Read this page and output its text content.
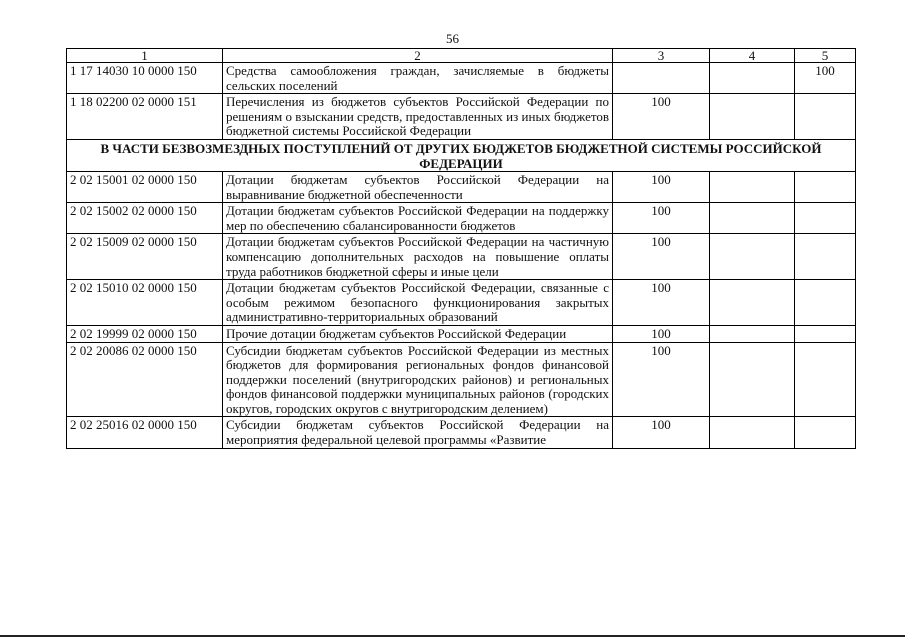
56
1	2	3	4	5
1 17 14030 10 0000 150	Средства самообложения граждан, зачисляемые в бюджеты сельских поселений			100
1 18 02200 02 0000 151	Перечисления из бюджетов субъектов Российской Федерации по решениям о взыскании средств, предоставленных из иных бюджетов бюджетной системы Российской Федерации	100		
В ЧАСТИ БЕЗВОЗМЕЗДНЫХ ПОСТУПЛЕНИЙ ОТ ДРУГИХ БЮДЖЕТОВ БЮДЖЕТНОЙ СИСТЕМЫ РОССИЙСКОЙ ФЕДЕРАЦИИ				
2 02 15001 02 0000 150	Дотации бюджетам субъектов Российской Федерации на выравнивание бюджетной обеспеченности	100		
2 02 15002 02 0000 150	Дотации бюджетам субъектов Российской Федерации на поддержку мер по обеспечению сбалансированности бюджетов	100		
2 02 15009 02 0000 150	Дотации бюджетам субъектов Российской Федерации на частичную компенсацию дополнительных расходов на повышение оплаты труда работников бюджетной сферы и иные цели	100		
2 02 15010 02 0000 150	Дотации бюджетам субъектов Российской Федерации, связанные с особым режимом безопасного функционирования закрытых административно-территориальных образований	100		
2 02 19999 02 0000 150	Прочие дотации бюджетам субъектов Российской Федерации	100		
2 02 20086 02 0000 150	Субсидии бюджетам субъектов Российской Федерации из местных бюджетов для формирования региональных фондов финансовой поддержки поселений (внутригородских районов) и региональных фондов финансовой поддержки муниципальных районов (городских округов, городских округов с внутригородским делением)	100		
2 02 25016 02 0000 150	Субсидии бюджетам субъектов Российской Федерации на мероприятия федеральной целевой программы «Развитие	100		
